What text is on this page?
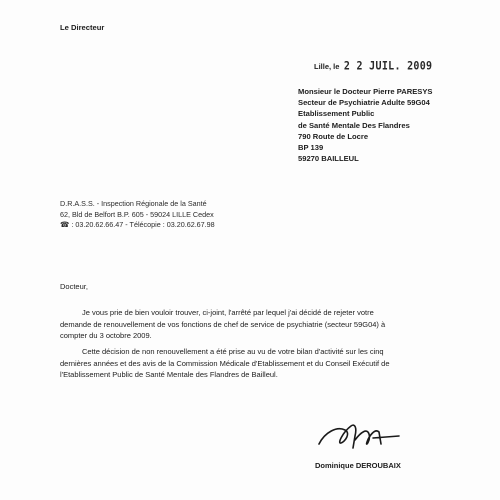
Le Directeur
Lille, le 2 2 JUIL. 2009
Monsieur le Docteur Pierre PARESYS
Secteur de Psychiatrie Adulte 59G04
Etablissement Public
de Santé Mentale Des Flandres
790 Route de Locre
BP 139
59270 BAILLEUL
D.R.A.S.S. - Inspection Régionale de la Santé
62, Bld de Belfort B.P. 605 - 59024 LILLE Cedex
☎ : 03.20.62.66.47 - Télécopie : 03.20.62.67.98
Docteur,

Je vous prie de bien vouloir trouver, ci-joint, l'arrêté par lequel j'ai décidé de rejeter votre

demande de renouvellement de vos fonctions de chef de service de psychiatrie (secteur 59G04) à

compter du 3 octobre 2009.

Cette décision de non renouvellement a été prise au vu de votre bilan d'activité sur les cinq

dernières années et des avis de la Commission Médicale d'Etablissement et du Conseil Exécutif de

l'Etablissement Public de Santé Mentale des Flandres de Bailleul.

Dominique DEROUBAIX
